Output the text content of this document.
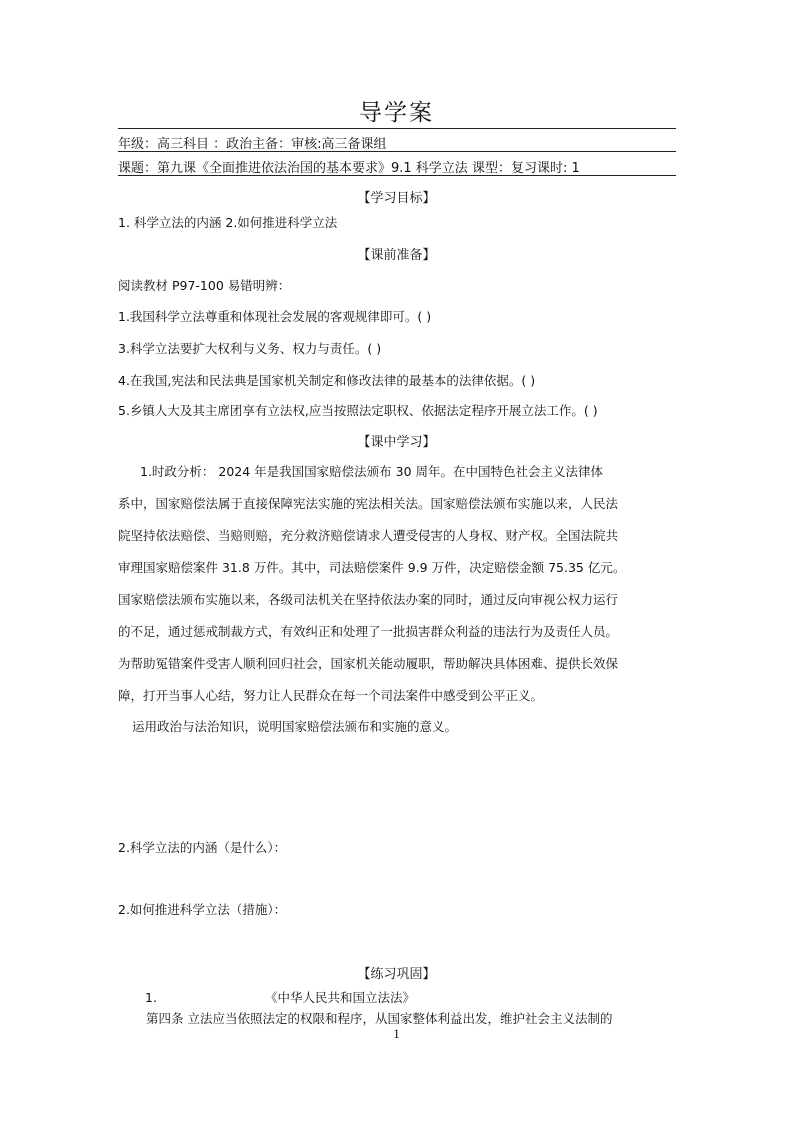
导学案
年级：高三科目 ：政治主备：审核:高三备课组
课题：第九课《全面推进依法治国的基本要求》9.1 科学立法 课型：复习课时: 1
【学习目标】
1. 科学立法的内涵 2.如何推进科学立法
【课前准备】
阅读教材 P97-100 易错明辨：
1.我国科学立法尊重和体现社会发展的客观规律即可。( )
3.科学立法要扩大权利与义务、权力与责任。( )
4.在我国,宪法和民法典是国家机关制定和修改法律的最基本的法律依据。( )
5.乡镇人大及其主席团享有立法权,应当按照法定职权、依据法定程序开展立法工作。( )
【课中学习】
1.时政分析： 2024 年是我国国家赔偿法颁布 30 周年。在中国特色社会主义法律体
系中，国家赔偿法属于直接保障宪法实施的宪法相关法。国家赔偿法颁布实施以来，人民法
院坚持依法赔偿、当赔则赔，充分救济赔偿请求人遭受侵害的人身权、财产权。全国法院共
审理国家赔偿案件 31.8 万件。其中，司法赔偿案件 9.9 万件，决定赔偿金额 75.35 亿元。
国家赔偿法颁布实施以来，各级司法机关在坚持依法办案的同时，通过反向审视公权力运行
的不足，通过惩戒制裁方式，有效纠正和处理了一批损害群众利益的违法行为及责任人员。
为帮助冤错案件受害人顺利回归社会，国家机关能动履职，帮助解决具体困难、提供长效保
障，打开当事人心结，努力让人民群众在每一个司法案件中感受到公平正义。
运用政治与法治知识，说明国家赔偿法颁布和实施的意义。
2.科学立法的内涵（是什么）：
2.如何推进科学立法（措施）：
【练习巩固】
1.	《中华人民共和国立法法》
第四条 立法应当依照法定的权限和程序，从国家整体利益出发，维护社会主义法制的
1
